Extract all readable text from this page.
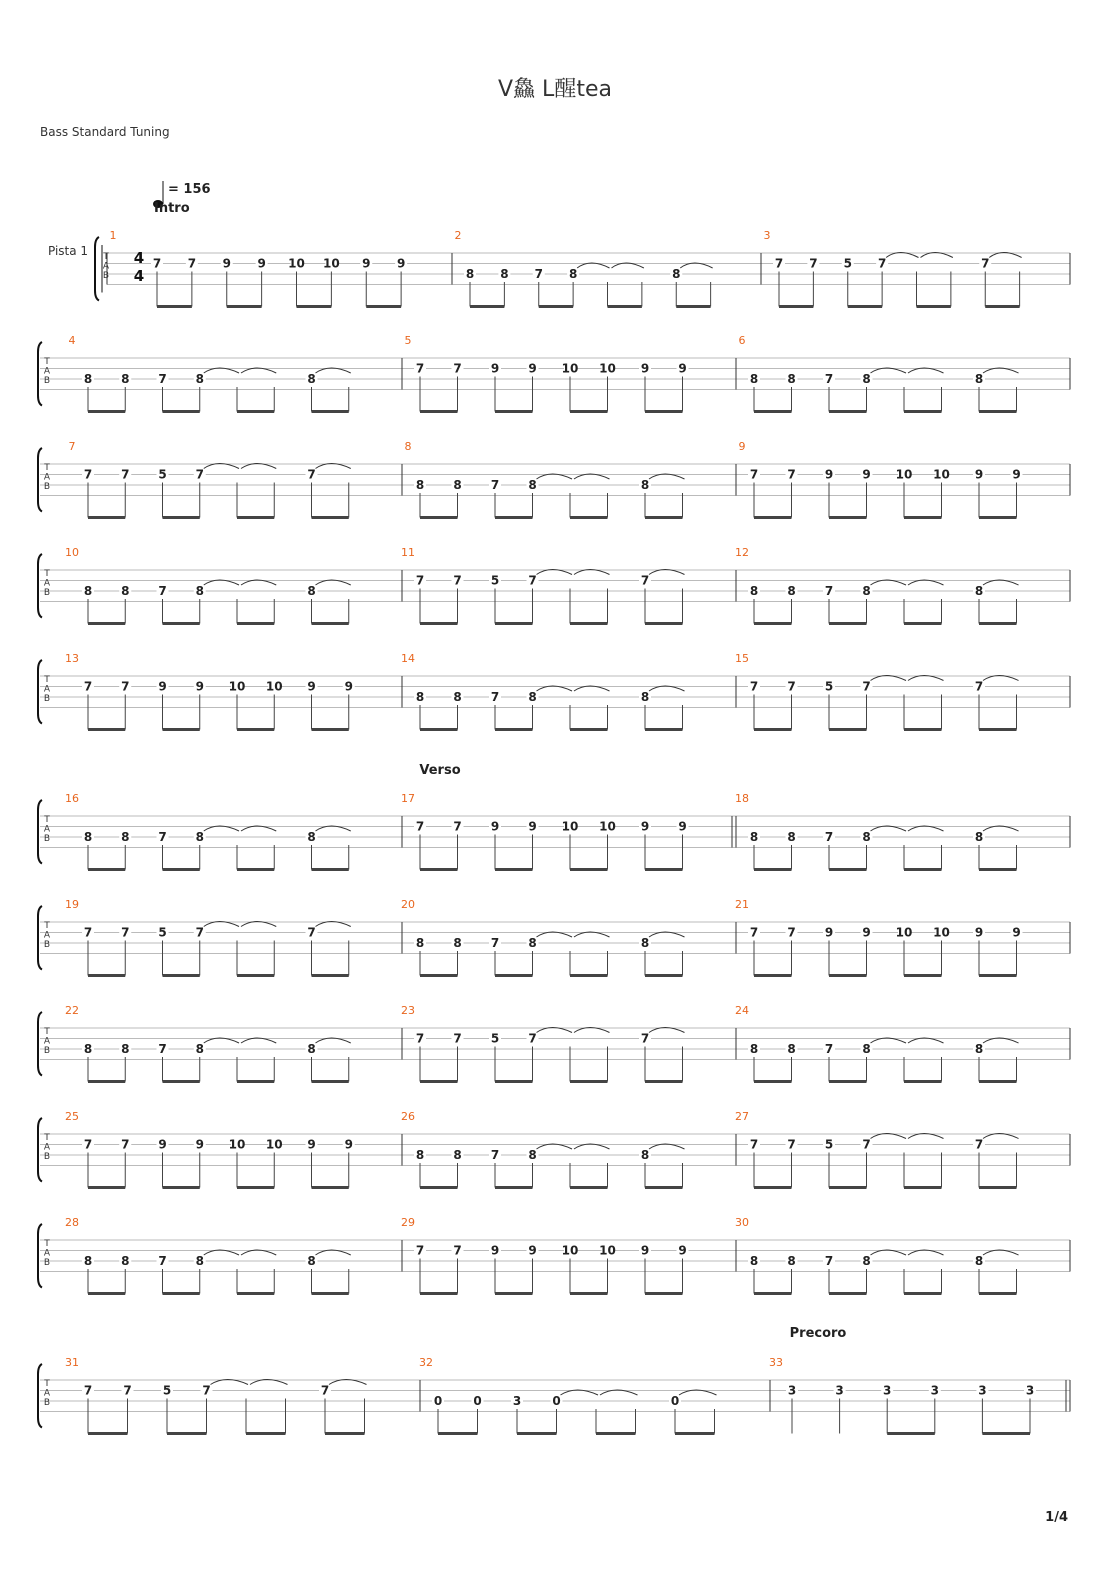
V鱻 L醒tea
Bass Standard Tuning
T
A
B
1
7 7 9 9 10 10 9 9
2
8 8 7 8	8
3
7 7 5 7	7
T
A
B
4
8 8 7 8	8
5
7 7 9 9 10 10 9 9
6
8 8 7 8	8
T
A
B
7
7 7 5 7	7
8
8 8 7 8	8
9
7 7 9 9 10 10 9 9
T
A
B
10
8 8 7 8	8
11
7 7 5 7	7
12
8 8 7 8	8
T
A
B
13
7 7 9 9 10 10 9 9
14
8 8 7 8	8
15
7 7 5 7	7
T
A
B
16
8 8 7 8	8
17
7 7 9 9 10 10 9 9
18
8 8 7 8	8
T
A
B
19
7 7 5 7	7
20
8 8 7 8	8
21
7 7 9 9 10 10 9 9
T
A
B
22
8 8 7 8	8
23
7 7 5 7	7
24
8 8 7 8	8
T
A
B
25
7 7 9 9 10 10 9 9
26
8 8 7 8	8
27
7 7 5 7	7
T
A
B
28
8 8 7 8	8
29
7 7 9 9 10 10 9 9
30
8 8 7 8	8
T
A
B
31
7	7	5	7	7
32
0	0	3	0	0
33
3	3	3	3	3	3
Pista 1	4
4
= 156
Intro
Verso
Precoro
1/4
